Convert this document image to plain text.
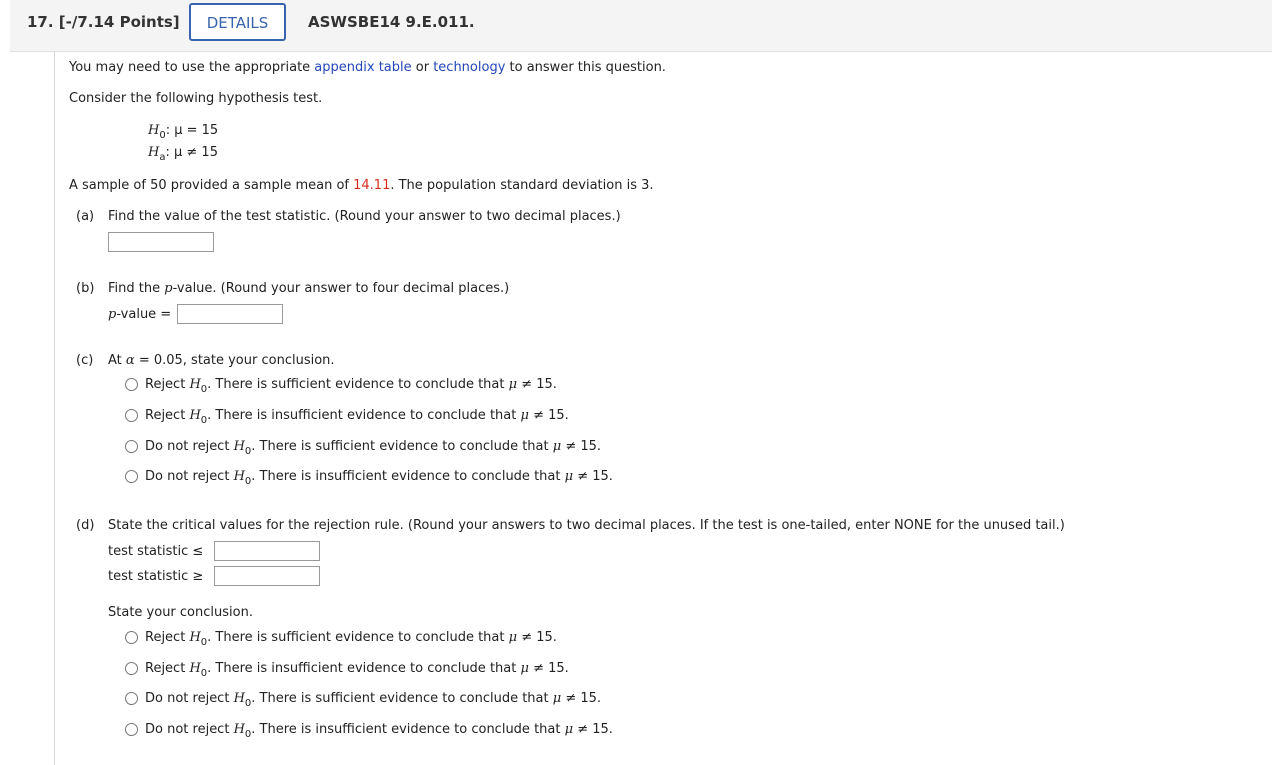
17. [-/7.14 Points]	DETAILS	ASWSBE14 9.E.011.
You may need to use the appropriate appendix table or technology to answer this question.
Consider the following hypothesis test.
$H_0$: μ = 15
$H_a$: μ ≠ 15
A sample of 50 provided a sample mean of 14.11. The population standard deviation is 3.
(a) Find the value of the test statistic. (Round your answer to two decimal places.)
(b) Find the p-value. (Round your answer to four decimal places.)
p-value =
(c) At α = 0.05, state your conclusion.
Reject $H_0$. There is sufficient evidence to conclude that μ ≠ 15.
Reject $H_0$. There is insufficient evidence to conclude that μ ≠ 15.
Do not reject $H_0$. There is sufficient evidence to conclude that μ ≠ 15.
Do not reject $H_0$. There is insufficient evidence to conclude that μ ≠ 15.
(d) State the critical values for the rejection rule. (Round your answers to two decimal places. If the test is one-tailed, enter NONE for the unused tail.)
test statistic ≤
test statistic ≥
State your conclusion.
Reject $H_0$. There is sufficient evidence to conclude that μ ≠ 15.
Reject $H_0$. There is insufficient evidence to conclude that μ ≠ 15.
Do not reject $H_0$. There is sufficient evidence to conclude that μ ≠ 15.
Do not reject $H_0$. There is insufficient evidence to conclude that μ ≠ 15.
